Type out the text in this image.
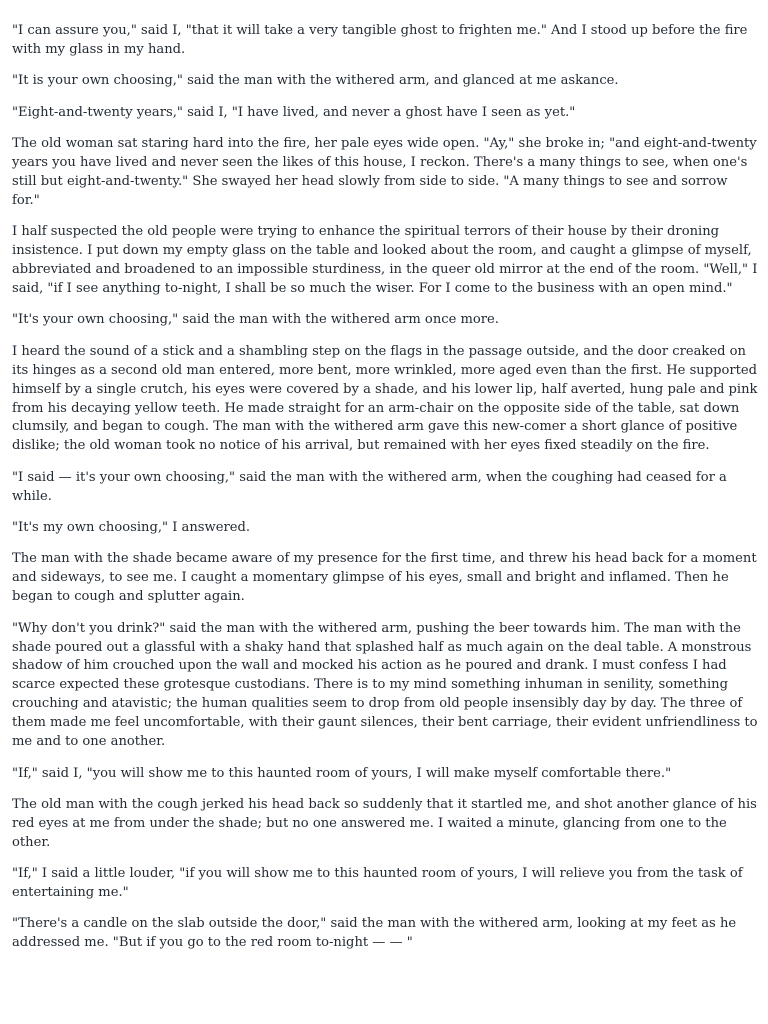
"I can assure you," said I, "that it will take a very tangible ghost to frighten me." And I stood up before the fire with my glass in my hand.

"It is your own choosing," said the man with the withered arm, and glanced at me askance.

"Eight-and-twenty years," said I, "I have lived, and never a ghost have I seen as yet."

The old woman sat staring hard into the fire, her pale eyes wide open. "Ay," she broke in; "and eight-and-twenty years you have lived and never seen the likes of this house, I reckon. There's a many things to see, when one's still but eight-and-twenty." She swayed her head slowly from side to side. "A many things to see and sorrow for."

I half suspected the old people were trying to enhance the spiritual terrors of their house by their droning insistence. I put down my empty glass on the table and looked about the room, and caught a glimpse of myself, abbreviated and broadened to an impossible sturdiness, in the queer old mirror at the end of the room. "Well," I said, "if I see anything to-night, I shall be so much the wiser. For I come to the business with an open mind."

"It's your own choosing," said the man with the withered arm once more.

I heard the sound of a stick and a shambling step on the flags in the passage outside, and the door creaked on its hinges as a second old man entered, more bent, more wrinkled, more aged even than the first. He supported himself by a single crutch, his eyes were covered by a shade, and his lower lip, half averted, hung pale and pink from his decaying yellow teeth. He made straight for an arm-chair on the opposite side of the table, sat down clumsily, and began to cough. The man with the withered arm gave this new-comer a short glance of positive dislike; the old woman took no notice of his arrival, but remained with her eyes fixed steadily on the fire.

"I said — it's your own choosing," said the man with the withered arm, when the coughing had ceased for a while.

"It's my own choosing," I answered.

The man with the shade became aware of my presence for the first time, and threw his head back for a moment and sideways, to see me. I caught a momentary glimpse of his eyes, small and bright and inflamed. Then he began to cough and splutter again.

"Why don't you drink?" said the man with the withered arm, pushing the beer towards him. The man with the shade poured out a glassful with a shaky hand that splashed half as much again on the deal table. A monstrous shadow of him crouched upon the wall and mocked his action as he poured and drank. I must confess I had scarce expected these grotesque custodians. There is to my mind something inhuman in senility, something crouching and atavistic; the human qualities seem to drop from old people insensibly day by day. The three of them made me feel uncomfortable, with their gaunt silences, their bent carriage, their evident unfriendliness to me and to one another.

"If," said I, "you will show me to this haunted room of yours, I will make myself comfortable there."

The old man with the cough jerked his head back so suddenly that it startled me, and shot another glance of his red eyes at me from under the shade; but no one answered me. I waited a minute, glancing from one to the other.

"If," I said a little louder, "if you will show me to this haunted room of yours, I will relieve you from the task of entertaining me."

"There's a candle on the slab outside the door," said the man with the withered arm, looking at my feet as he addressed me. "But if you go to the red room to-night — — "
